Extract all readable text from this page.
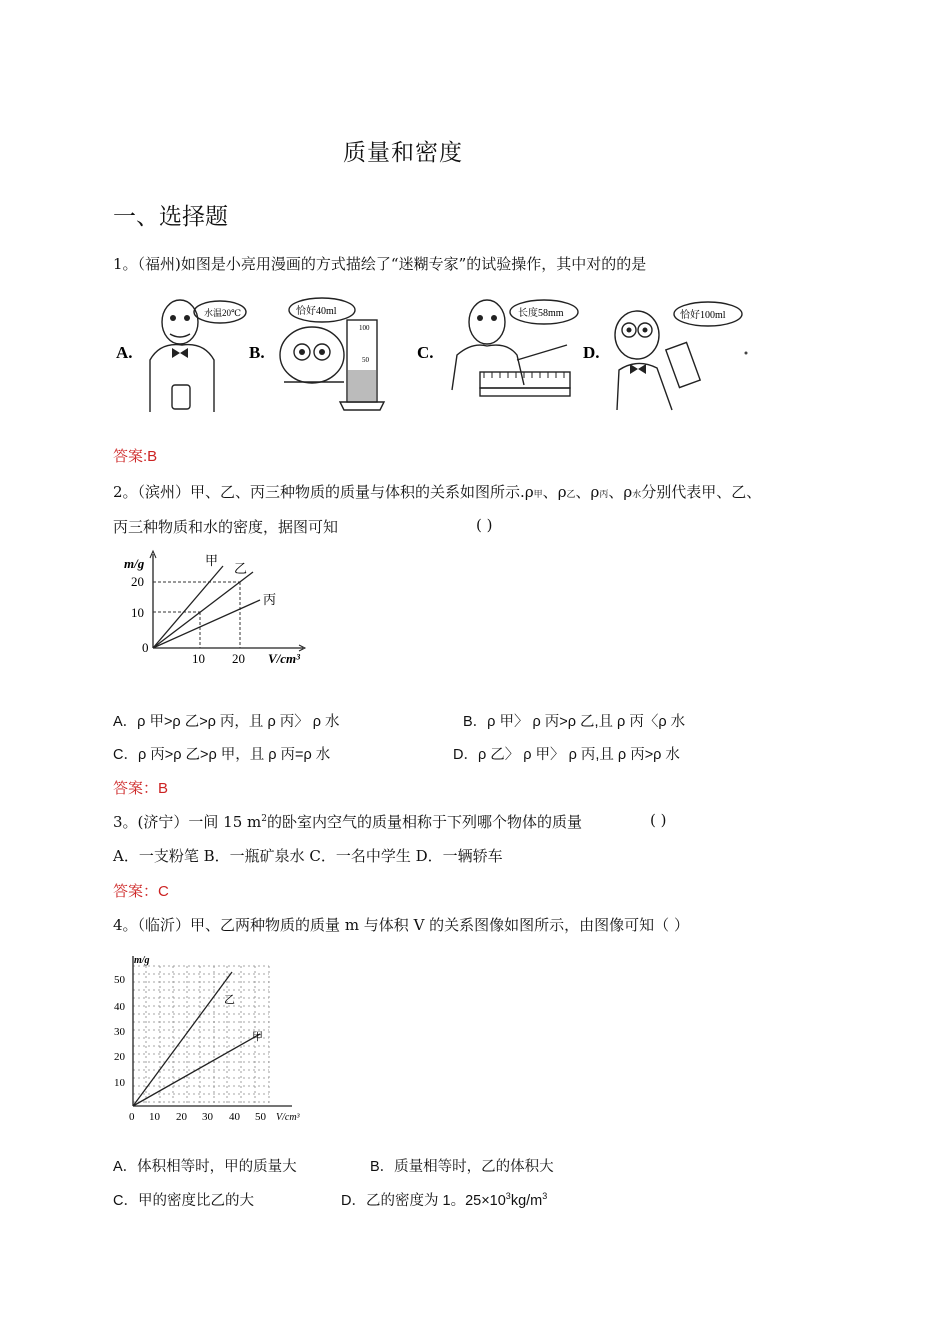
质量和密度
一、选择题
1。（福州)如图是小亮用漫画的方式描绘了“迷糊专家”的试验操作，其中对的的是
A.
水温20℃
B.
100
50
恰好40ml
C.
长度58mm
D.
恰好100ml
答案:B
2。（滨州）甲、乙、丙三种物质的质量与体积的关系如图所示.ρ甲、ρ乙、ρ丙、ρ水分别代表甲、乙、
丙三种物质和水的密度，据图可知	( )
m/g
20
10
0
10 20 V/cm³
甲
乙
丙
A．ρ 甲>ρ 乙>ρ 丙，且 ρ 丙〉 ρ 水	B．ρ 甲〉 ρ 丙>ρ 乙,且 ρ 丙〈ρ 水
C．ρ 丙>ρ 乙>ρ 甲，且 ρ 丙=ρ 水	D．ρ 乙〉 ρ 甲〉 ρ 丙,且 ρ 丙>ρ 水
答案：B
3。(济宁）一间 15 $m^2$的卧室内空气的质量相称于下列哪个物体的质量	( )
A．一支粉笔 B．一瓶矿泉水 C．一名中学生 D．一辆轿车
答案：C
4。（临沂）甲、乙两种物质的质量 m 与体积 V 的关系图像如图所示，由图像可知（ ）
m/g
50
40
30
20
10
0 10 20 30 40 50 V/cm³
乙
甲
A．体积相等时，甲的质量大	B．质量相等时，乙的体积大
C．甲的密度比乙的大	D．乙的密度为 1。$25\times 10^3kg/m^3$
